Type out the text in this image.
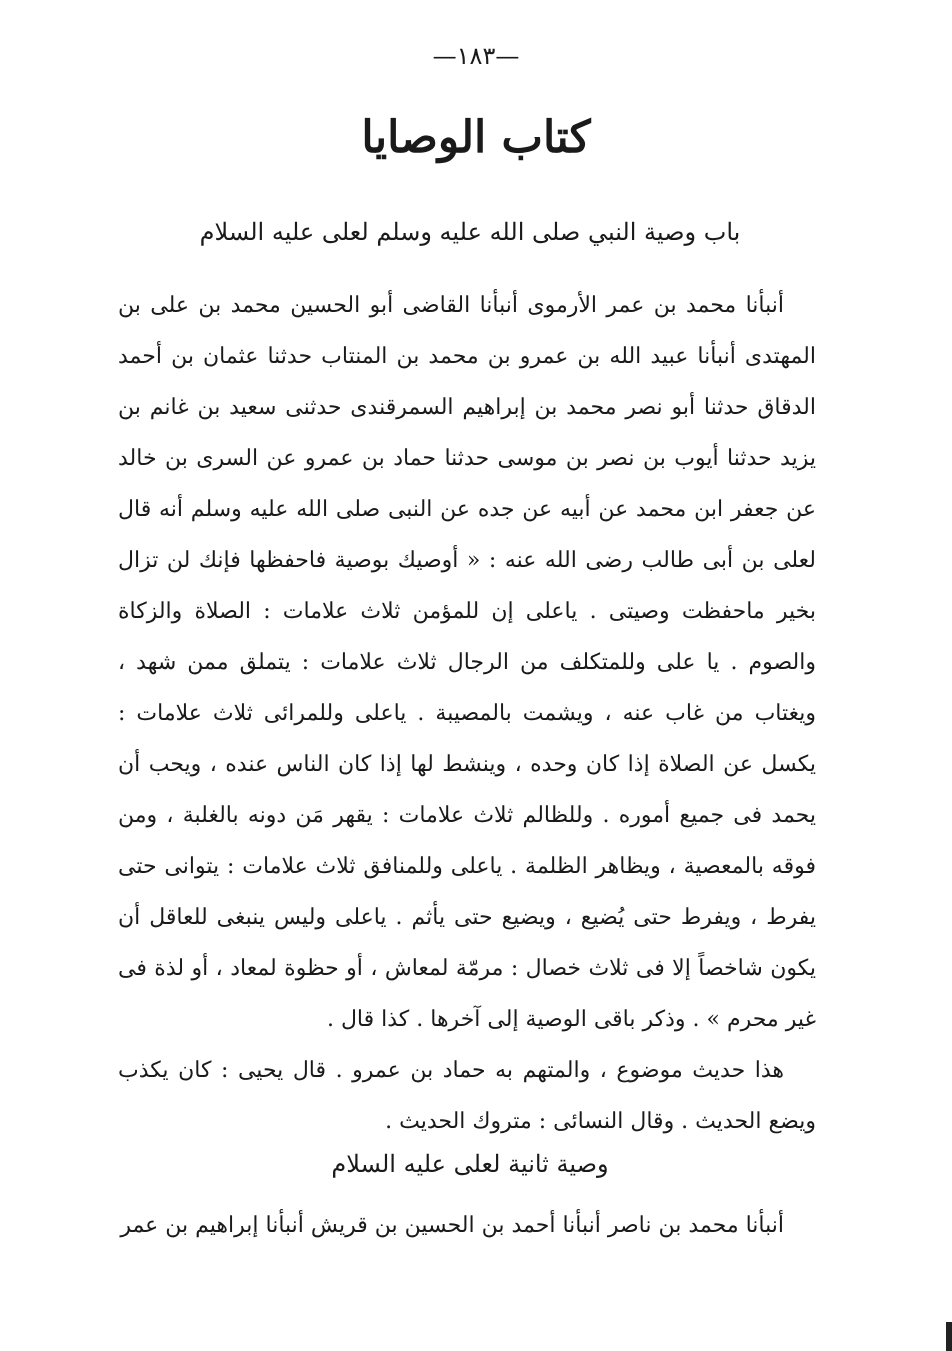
—١٨٣—
كتاب الوصايا
باب وصية النبي صلى الله عليه وسلم لعلى عليه السلام

أنبأنا محمد بن عمر الأرموى أنبأنا القاضى أبو الحسين محمد بن على بن المهتدى أنبأنا عبيد الله بن عمرو بن محمد بن المنتاب حدثنا عثمان بن أحمد الدقاق حدثنا أبو نصر محمد بن إبراهيم السمرقندى حدثنى سعيد بن غانم بن يزيد حدثنا أيوب بن نصر بن موسى حدثنا حماد بن عمرو عن السرى بن خالد عن جعفر ابن محمد عن أبيه عن جده عن النبى صلى الله عليه وسلم أنه قال لعلى بن أبى طالب رضى الله عنه : « أوصيك بوصية فاحفظها فإنك لن تزال بخير ماحفظت وصيتى . ياعلى إن للمؤمن ثلاث علامات : الصلاة والزكاة والصوم . يا على وللمتكلف من الرجال ثلاث علامات : يتملق ممن شهد ، ويغتاب من غاب عنه ، ويشمت بالمصيبة . ياعلى وللمرائى ثلاث علامات : يكسل عن الصلاة إذا كان وحده ، وينشط لها إذا كان الناس عنده ، ويحب أن يحمد فى جميع أموره . وللظالم ثلاث علامات : يقهر مَن دونه بالغلبة ، ومن فوقه بالمعصية ، ويظاهر الظلمة . ياعلى وللمنافق ثلاث علامات : يتوانى حتى يفرط ، ويفرط حتى يُضيع ، ويضيع حتى يأثم . ياعلى وليس ينبغى للعاقل أن يكون شاخصاً إلا فى ثلاث خصال : مرمّة لمعاش ، أو حظوة لمعاد ، أو لذة فى غير محرم » . وذكر باقى الوصية إلى آخرها . كذا قال .

هذا حديث موضوع ، والمتهم به حماد بن عمرو . قال يحيى : كان يكذب ويضع الحديث . وقال النسائى : متروك الحديث .

وصية ثانية لعلى عليه السلام

أنبأنا محمد بن ناصر أنبأنا أحمد بن الحسين بن قريش أنبأنا إبراهيم بن عمر
